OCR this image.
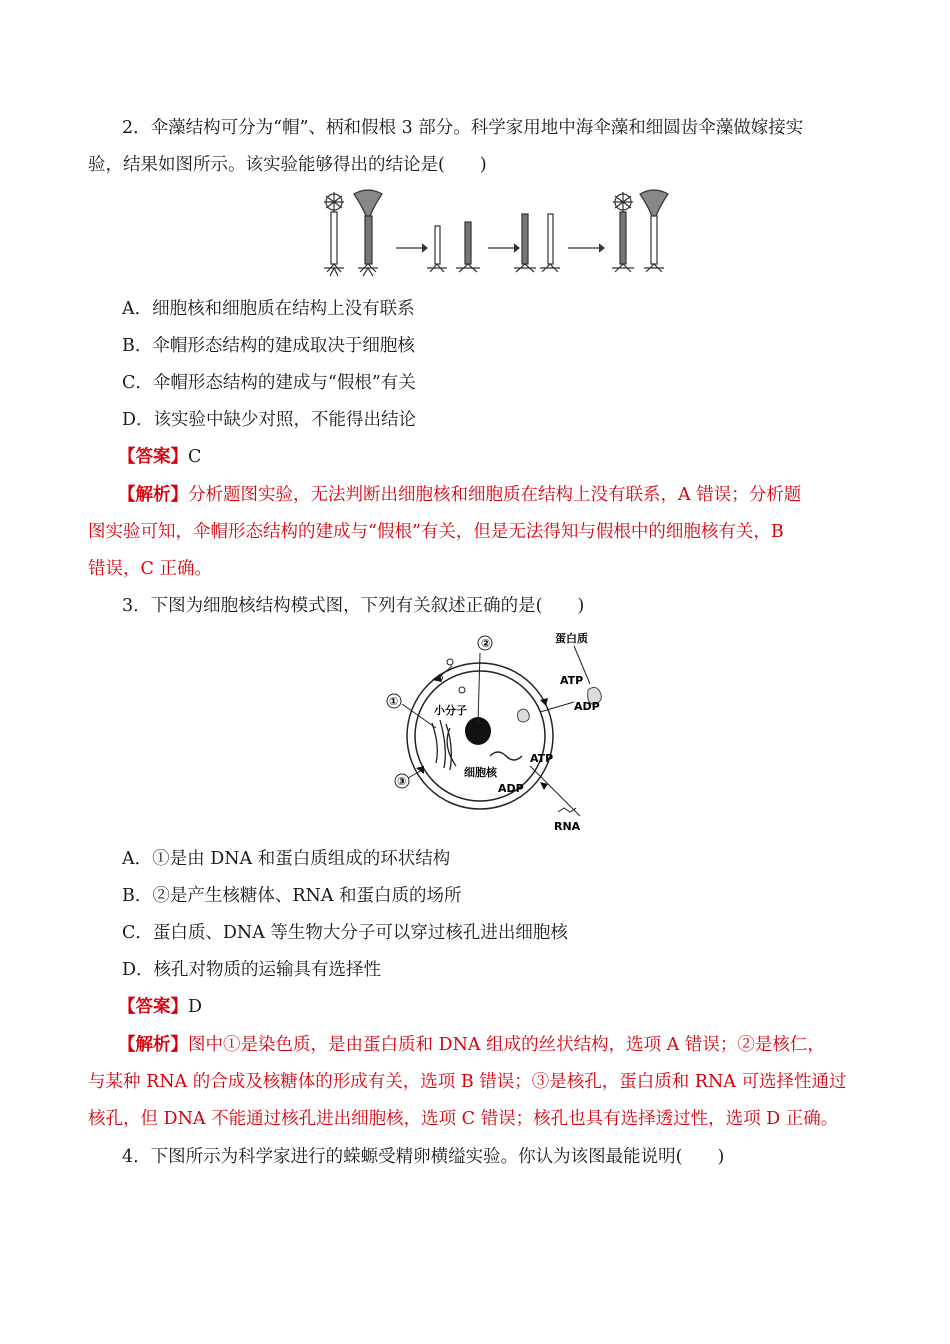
2．伞藻结构可分为“帽”、柄和假根 3 部分。科学家用地中海伞藻和细圆齿伞藻做嫁接实
验，结果如图所示。该实验能够得出的结论是(　　)
A．细胞核和细胞质在结构上没有联系
B．伞帽形态结构的建成取决于细胞核
C．伞帽形态结构的建成与“假根”有关
D．该实验中缺少对照，不能得出结论
【答案】C
【解析】分析题图实验，无法判断出细胞核和细胞质在结构上没有联系，A 错误；分析题
图实验可知，伞帽形态结构的建成与“假根”有关，但是无法得知与假根中的细胞核有关，B
错误，C 正确。
3．下图为细胞核结构模式图，下列有关叙述正确的是(　　)
②	蛋白质
①
小分子
ATP
ADP
ATP
细胞核
ADP
③
RNA
A．①是由 DNA 和蛋白质组成的环状结构
B．②是产生核糖体、RNA 和蛋白质的场所
C．蛋白质、DNA 等生物大分子可以穿过核孔进出细胞核
D．核孔对物质的运输具有选择性
【答案】D
【解析】图中①是染色质，是由蛋白质和 DNA 组成的丝状结构，选项 A 错误；②是核仁，
与某种 RNA 的合成及核糖体的形成有关，选项 B 错误；③是核孔，蛋白质和 RNA 可选择性通过
核孔，但 DNA 不能通过核孔进出细胞核，选项 C 错误；核孔也具有选择透过性，选项 D 正确。
4．下图所示为科学家进行的蝾螈受精卵横缢实验。你认为该图最能说明(　　)
